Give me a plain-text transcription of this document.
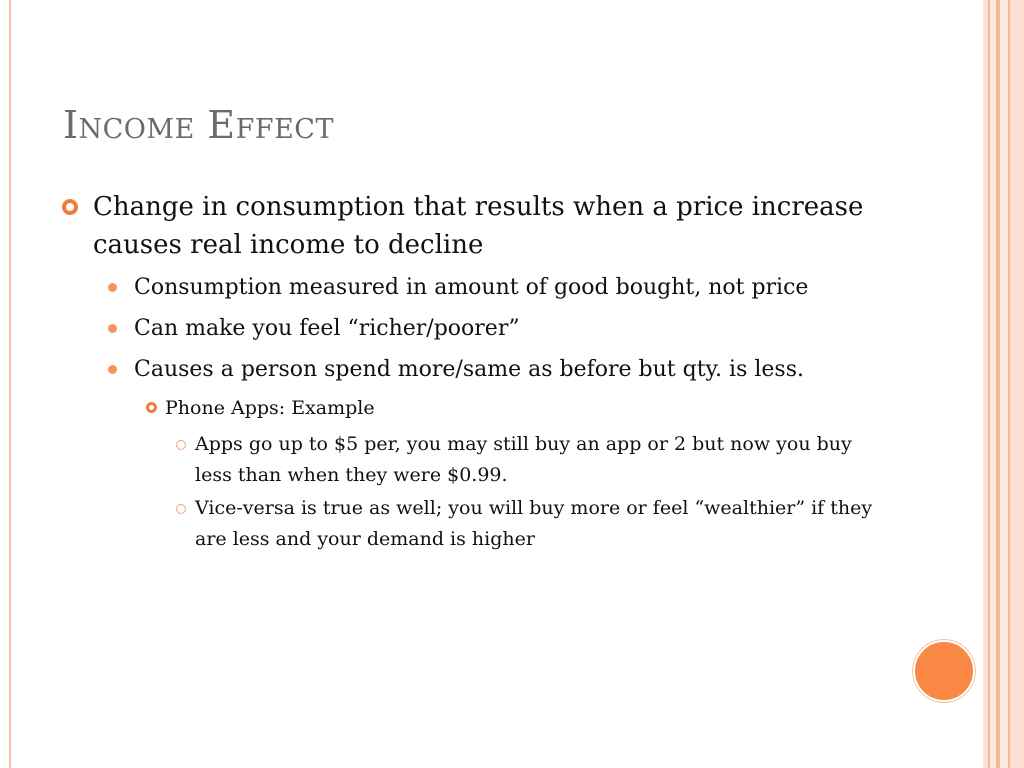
Income Effect
Change in consumption that results when a price increase causes real income to decline
Consumption measured in amount of good bought, not price
Can make you feel “richer/poorer”
Causes a person spend more/same as before but qty. is less.
Phone Apps: Example
Apps go up to $5 per, you may still buy an app or 2 but now you buy less than when they were $0.99.
Vice-versa is true as well; you will buy more or feel “wealthier” if they are less and your demand is higher
